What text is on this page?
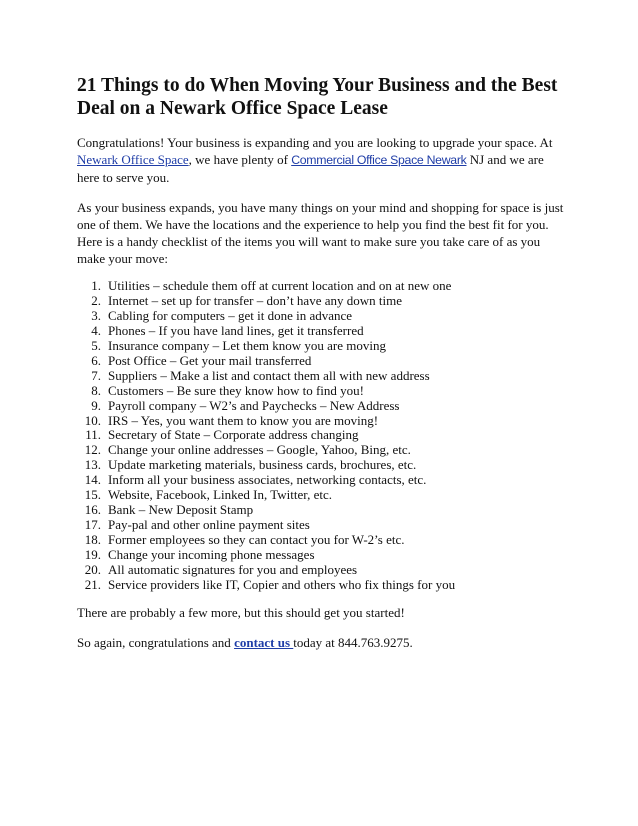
21 Things to do When Moving Your Business and the Best Deal on a Newark Office Space Lease

Congratulations! Your business is expanding and you are looking to upgrade your space. At Newark Office Space, we have plenty of Commercial Office Space Newark NJ and we are here to serve you.

As your business expands, you have many things on your mind and shopping for space is just one of them. We have the locations and the experience to help you find the best fit for you. Here is a handy checklist of the items you will want to make sure you take care of as you make your move:

1. Utilities – schedule them off at current location and on at new one
2. Internet – set up for transfer – don’t have any down time
3. Cabling for computers – get it done in advance
4. Phones – If you have land lines, get it transferred
5. Insurance company – Let them know you are moving
6. Post Office – Get your mail transferred
7. Suppliers – Make a list and contact them all with new address
8. Customers – Be sure they know how to find you!
9. Payroll company – W2’s and Paychecks – New Address
10. IRS – Yes, you want them to know you are moving!
11. Secretary of State – Corporate address changing
12. Change your online addresses – Google, Yahoo, Bing, etc.
13. Update marketing materials, business cards, brochures, etc.
14. Inform all your business associates, networking contacts, etc.
15. Website, Facebook, Linked In, Twitter, etc.
16. Bank – New Deposit Stamp
17. Pay-pal and other online payment sites
18. Former employees so they can contact you for W-2’s etc.
19. Change your incoming phone messages
20. All automatic signatures for you and employees
21. Service providers like IT, Copier and others who fix things for you

There are probably a few more, but this should get you started!

So again, congratulations and contact us today at 844.763.9275.
